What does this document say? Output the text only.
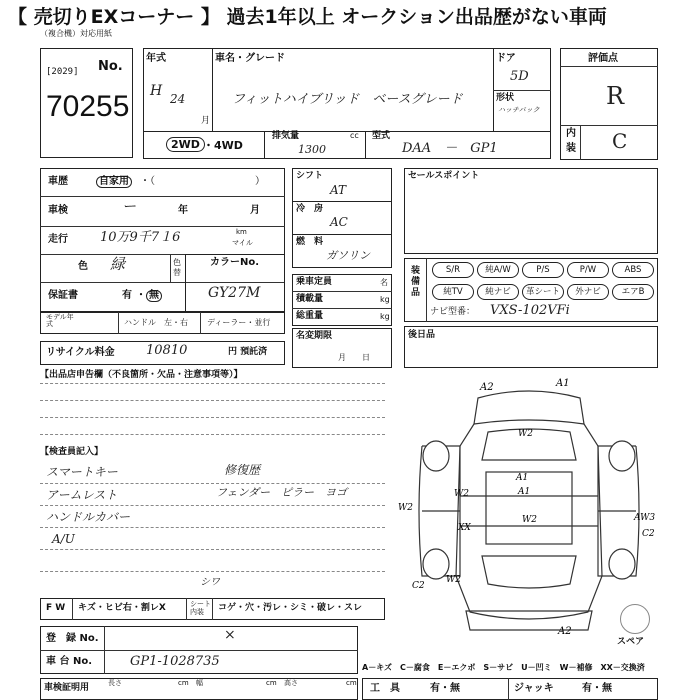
【 売切りEXコーナー 】 過去1年以上 オークション出品歴がない車両
（複合機）対応用紙
No.
[2029]
70255
年式
H 24
月
車名・グレード
フィットハイブリッド　ベースグレード
ドア
5D
形状
ハッチバック
評価点
R
内
装 C
2WD ・4WD
排気量	cc
1300
型式
DAA　－　GP1
車歴	自家用	・（　　　　　　　　　　）
車検	ー	年	月
走行 10万9千7１6	km
マイル
色 緑	色替
保証書	有 ・ 無
カラーNo.
GY27M
モデル年式	ハンドル　左・右 ディーラー・並行
リサイクル料金 10810	円 預託済
シフト
AT
冷　房
AC
燃　料
ガソリン
乗車定員	名
積載量	kg
総重量	kg
名変期限
月　　日
セールスポイント
装備品
S/R	純A/W	P/S	P/W	ABS
純TV	純ナビ	革シート	外ナビ	エアB
ナビ型番： VXS-102VFi
後日品
【出品店申告欄（不良箇所・欠品・注意事項等）】
【検査員記入】
スマートキー
アームレスト
ハンドルカバー
A/U
修復歴
フェンダー　ピラー　ヨゴ
A2	A1
W2
W2	A1
XX
W2
A1
W2
AW3
C2
C2
W2
A2
スペア
F W キズ・ヒビ右・割レX	シート内装	コゲ・穴・汚レ・シミ・破レ・スレ
シワ
登　録 No.	×
車 台 No.	GP1-1028735
車検証明用	長さ	cm 幅	cm 高さ	cm
A－キズ　C－腐食　E－エクボ　S－サビ　U－凹ミ　W－補修　XX－交換済
工　具	有・無	ジャッキ	有・無
